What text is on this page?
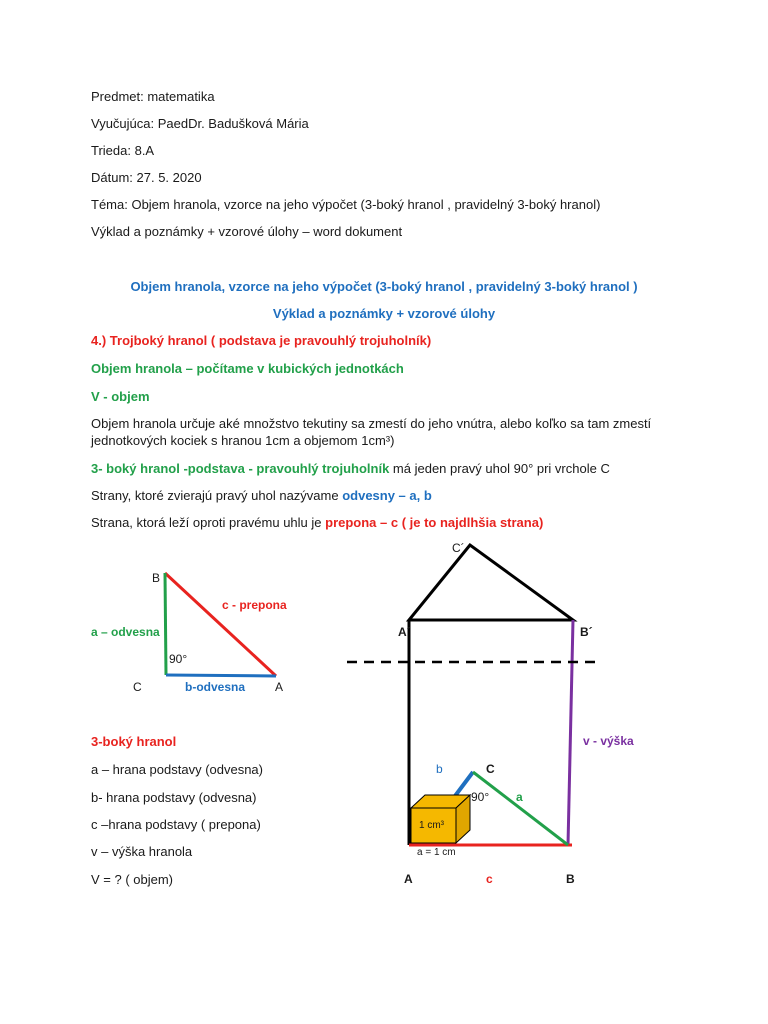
Predmet: matematika
Vyučujúca: PaedDr. Badušková Mária
Trieda: 8.A
Dátum: 27. 5. 2020
Téma: Objem hranola, vzorce na jeho výpočet (3-boký hranol , pravidelný 3-boký hranol)
Výklad a poznámky + vzorové úlohy – word dokument
Objem hranola, vzorce na jeho výpočet (3-boký hranol , pravidelný 3-boký hranol )
Výklad a poznámky + vzorové úlohy
4.) Trojboký hranol ( podstava je pravouhlý trojuholník)
Objem hranola – počítame v kubických jednotkách
V - objem
Objem hranola určuje aké množstvo tekutiny sa zmestí do jeho vnútra, alebo koľko sa tam zmestí
jednotkových kociek s hranou 1cm a objemom 1cm³)
3- boký hranol -podstava - pravouhlý trojuholník má jeden pravý uhol 90° pri vrchole C
Strany, ktoré zvierajú pravý uhol nazývame odvesny – a, b
Strana, ktorá leží oproti pravému uhlu je prepona – c ( je to najdlhšia strana)
B
C	A
c - prepona
a – odvesna
b-odvesna
90°
3-boký hranol
a – hrana podstavy (odvesna)
b- hrana podstavy (odvesna)
c –hrana podstavy ( prepona)
v – výška hranola
V = ? ( objem)
C´
A´	B´
v - výška
b	C
90° a
1 cm³
a = 1 cm
A	c	B
